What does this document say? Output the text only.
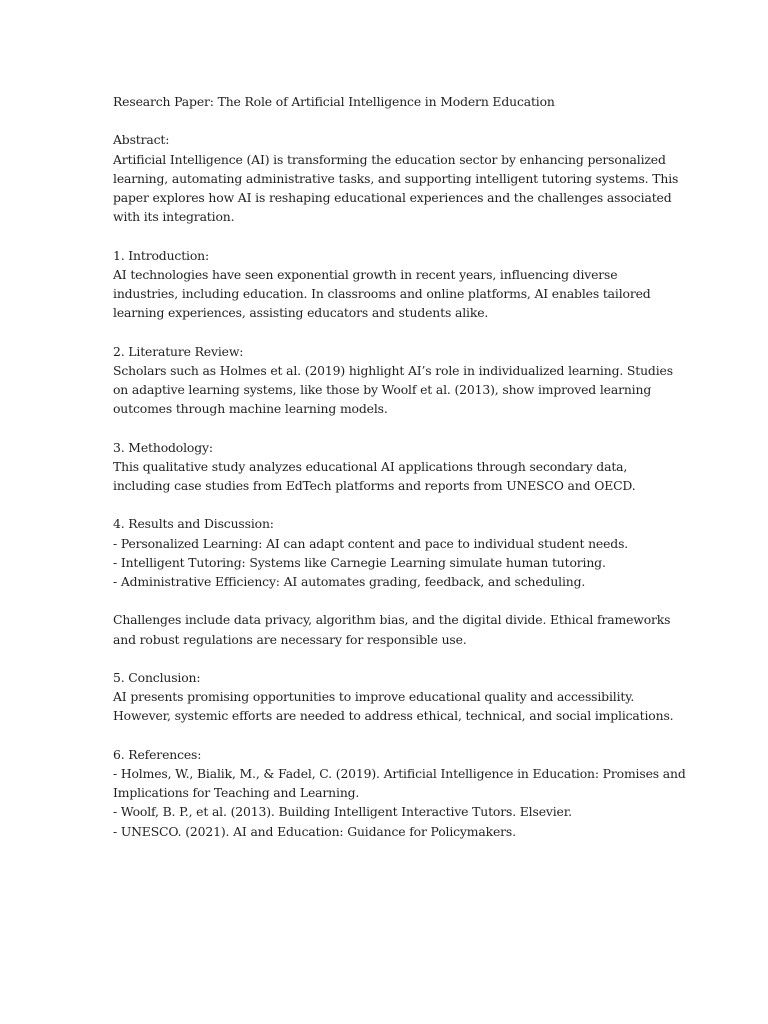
Research Paper: The Role of Artificial Intelligence in Modern Education
Abstract:
Artificial Intelligence (AI) is transforming the education sector by enhancing personalized
learning, automating administrative tasks, and supporting intelligent tutoring systems. This
paper explores how AI is reshaping educational experiences and the challenges associated
with its integration.
1. Introduction:
AI technologies have seen exponential growth in recent years, influencing diverse
industries, including education. In classrooms and online platforms, AI enables tailored
learning experiences, assisting educators and students alike.
2. Literature Review:
Scholars such as Holmes et al. (2019) highlight AI’s role in individualized learning. Studies
on adaptive learning systems, like those by Woolf et al. (2013), show improved learning
outcomes through machine learning models.
3. Methodology:
This qualitative study analyzes educational AI applications through secondary data,
including case studies from EdTech platforms and reports from UNESCO and OECD.
4. Results and Discussion:
- Personalized Learning: AI can adapt content and pace to individual student needs.
- Intelligent Tutoring: Systems like Carnegie Learning simulate human tutoring.
- Administrative Efficiency: AI automates grading, feedback, and scheduling.
Challenges include data privacy, algorithm bias, and the digital divide. Ethical frameworks
and robust regulations are necessary for responsible use.
5. Conclusion:
AI presents promising opportunities to improve educational quality and accessibility.
However, systemic efforts are needed to address ethical, technical, and social implications.
6. References:
- Holmes, W., Bialik, M., & Fadel, C. (2019). Artificial Intelligence in Education: Promises and
Implications for Teaching and Learning.
- Woolf, B. P., et al. (2013). Building Intelligent Interactive Tutors. Elsevier.
- UNESCO. (2021). AI and Education: Guidance for Policymakers.
